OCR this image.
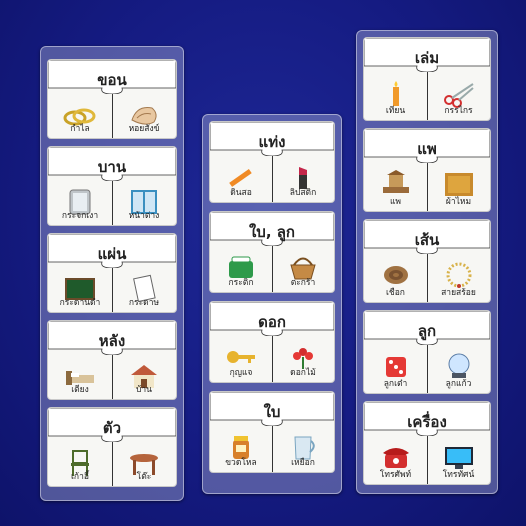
ขอน
กำไล	หอยสังข์
บาน
กระจกเงา	หน้าต่าง
แผ่น
กระดานดำ	กระดาษ
หลัง
เตียง	บ้าน
ตัว
เก้าอี้	โต๊ะ
แท่ง
ดินสอ	ลิปสติก
ใบ, ลูก
กระติก	ตะกร้า
ดอก
กุญแจ	ดอกไม้
ใบ
ขวดโหล	เหยือก
เล่ม
เทียน	กรรไกร
แพ
แพ	ผ้าไหม
เส้น
เชือก	สายสร้อย
ลูก
ลูกเต๋า	ลูกแก้ว
เครื่อง
โทรศัพท์	โทรทัศน์
